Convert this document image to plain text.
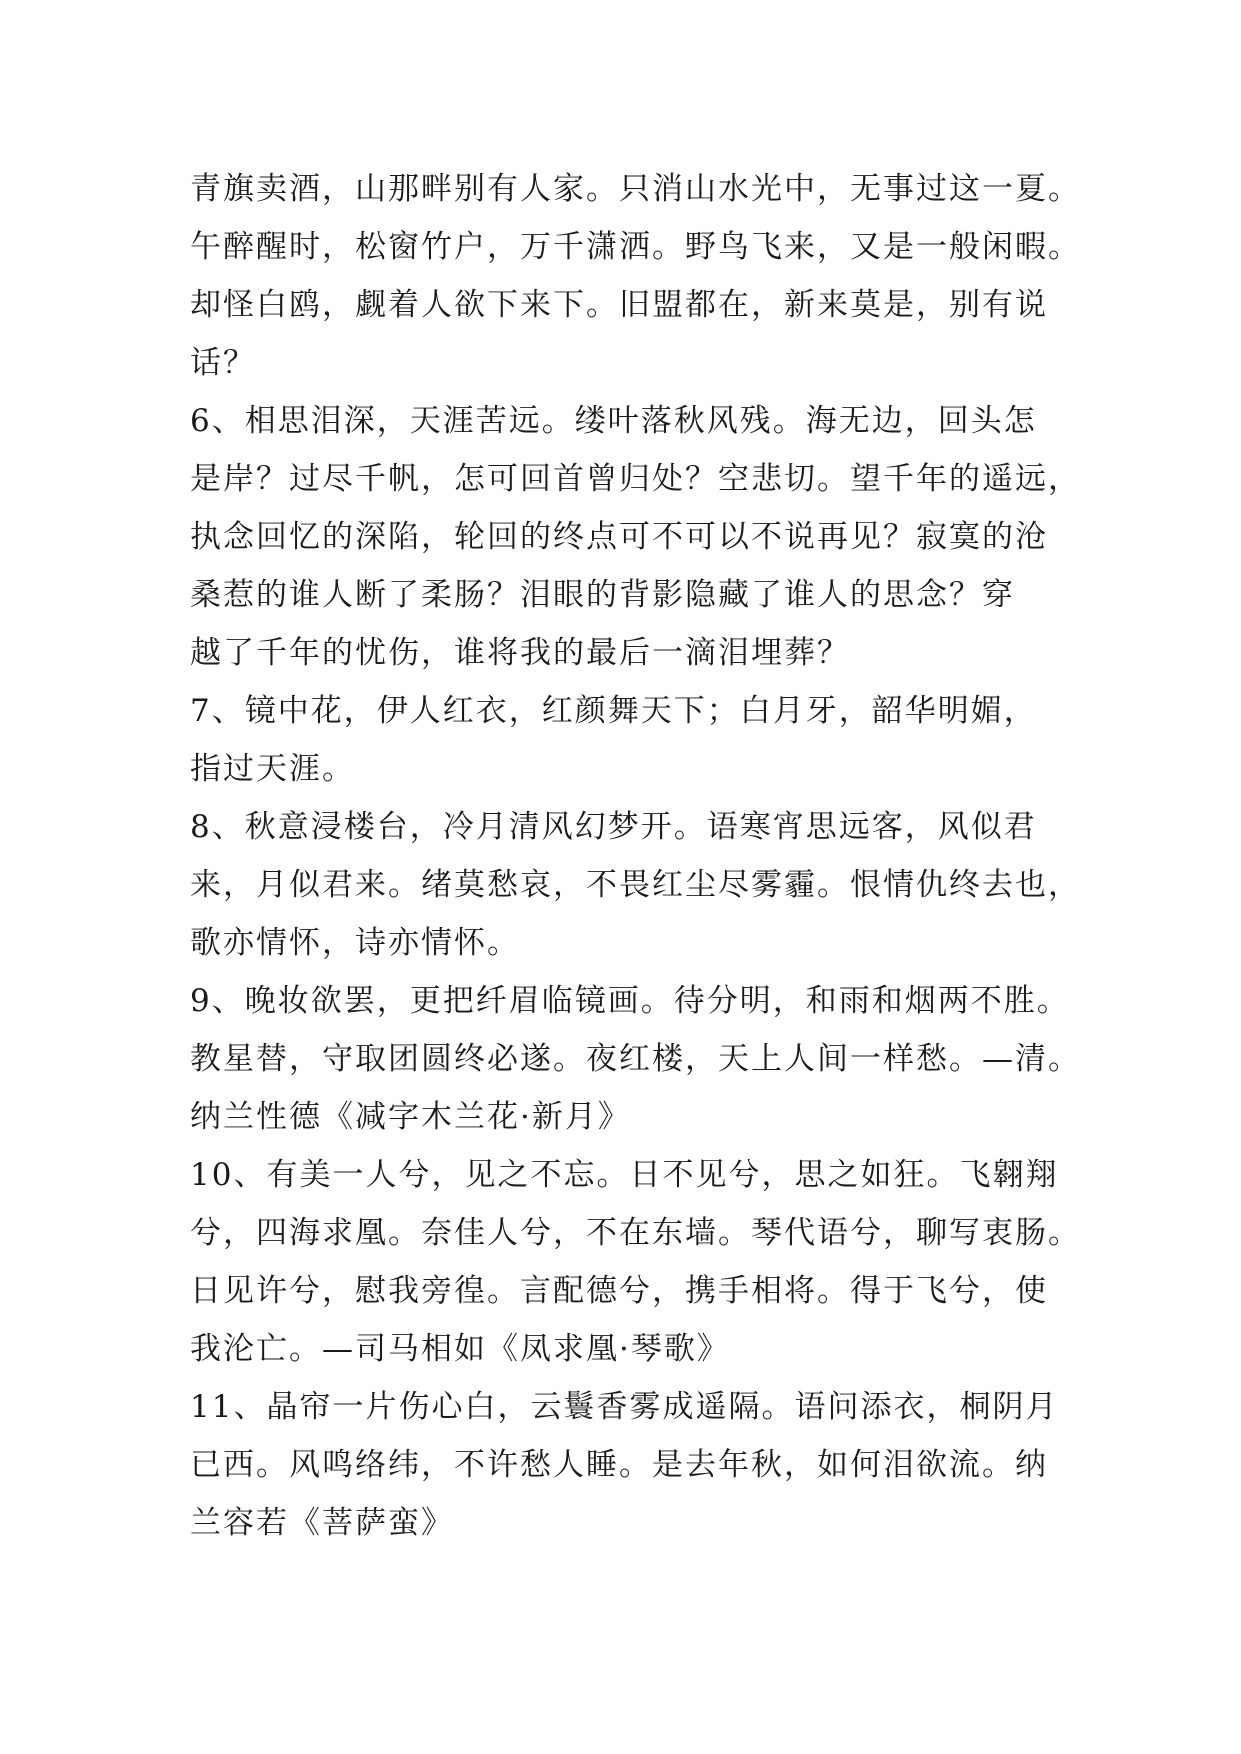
青旗卖酒，山那畔别有人家。只消山水光中，无事过这一夏。
午醉醒时，松窗竹户，万千潇洒。野鸟飞来，又是一般闲暇。
却怪白鸥，觑着人欲下来下。旧盟都在，新来莫是，别有说
话？
6、相思泪深，天涯苦远。缕叶落秋风残。海无边，回头怎
是岸？过尽千帆，怎可回首曾归处？空悲切。望千年的遥远，
执念回忆的深陷，轮回的终点可不可以不说再见？寂寞的沧
桑惹的谁人断了柔肠？泪眼的背影隐藏了谁人的思念？穿
越了千年的忧伤，谁将我的最后一滴泪埋葬？
7、镜中花，伊人红衣，红颜舞天下；白月牙，韶华明媚，
指过天涯。
8、秋意浸楼台，冷月清风幻梦开。语寒宵思远客，风似君
来，月似君来。绪莫愁哀，不畏红尘尽雾霾。恨情仇终去也，
歌亦情怀，诗亦情怀。
9、晚妆欲罢，更把纤眉临镜画。待分明，和雨和烟两不胜。
教星替，守取团圆终必遂。夜红楼，天上人间一样愁。—清。
纳兰性德《减字木兰花·新月》
10、有美一人兮，见之不忘。日不见兮，思之如狂。飞翱翔
兮，四海求凰。奈佳人兮，不在东墙。琴代语兮，聊写衷肠。
日见许兮，慰我旁徨。言配德兮，携手相将。得于飞兮，使
我沦亡。—司马相如《凤求凰·琴歌》
11、晶帘一片伤心白，云鬟香雾成遥隔。语问添衣，桐阴月
已西。风鸣络纬，不许愁人睡。是去年秋，如何泪欲流。纳
兰容若《菩萨蛮》
